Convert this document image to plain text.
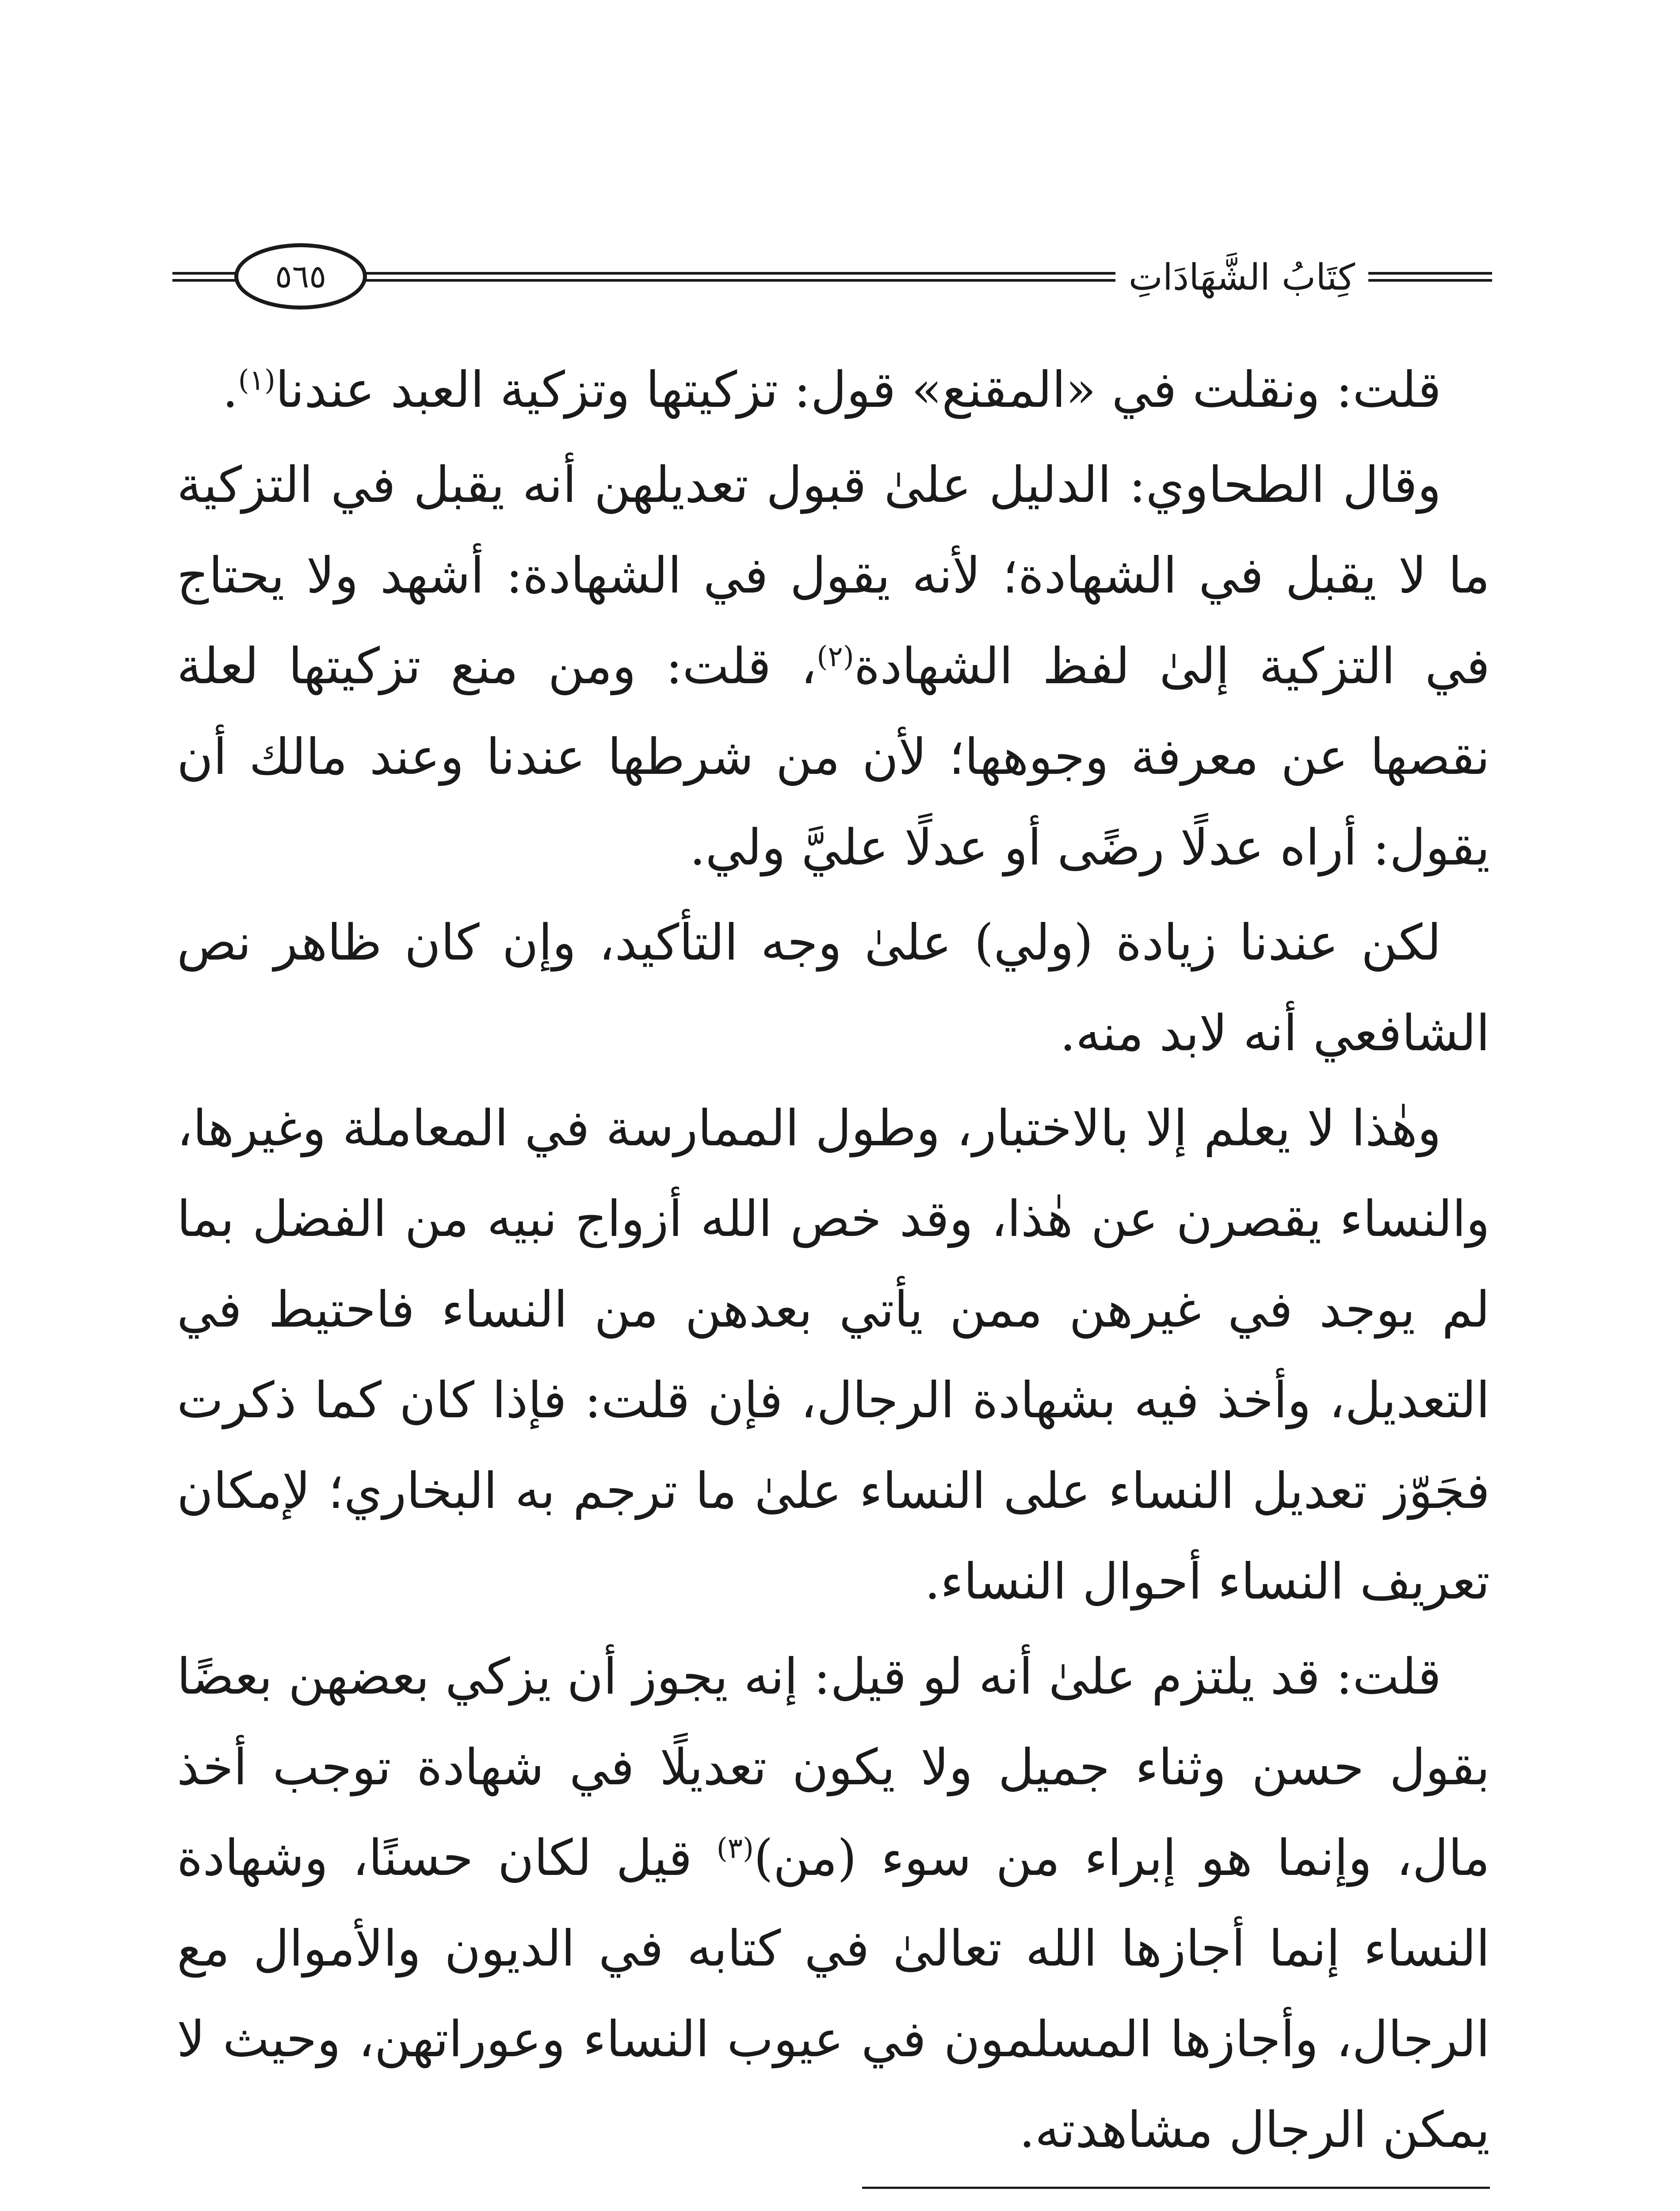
٥٦٥	كِتَابُ الشَّهَادَاتِ

قلت: ونقلت في «المقنع» قول: تزكيتها وتزكية العبد عندنا$^{(١)}$.

وقال الطحاوي: الدليل علىٰ قبول تعديلهن أنه يقبل في التزكية ما لا يقبل في الشهادة؛ لأنه يقول في الشهادة: أشهد ولا يحتاج في التزكية إلىٰ لفظ الشهادة$^{(٢)}$، قلت: ومن منع تزكيتها لعلة نقصها عن معرفة وجوهها؛ لأن من شرطها عندنا وعند مالك أن يقول: أراه عدلًا رضًى أو عدلًا عليَّ ولي.

لكن عندنا زيادة (ولي) علىٰ وجه التأكيد، وإن كان ظاهر نص الشافعي أنه لابد منه.

وهٰذا لا يعلم إلا بالاختبار، وطول الممارسة في المعاملة وغيرها، والنساء يقصرن عن هٰذا، وقد خص الله أزواج نبيه من الفضل بما لم يوجد في غيرهن ممن يأتي بعدهن من النساء فاحتيط في التعديل، وأخذ فيه بشهادة الرجال، فإن قلت: فإذا كان كما ذكرت فجَوّز تعديل النساء على النساء علىٰ ما ترجم به البخاري؛ لإمكان تعريف النساء أحوال النساء.

قلت: قد يلتزم علىٰ أنه لو قيل: إنه يجوز أن يزكي بعضهن بعضًا بقول حسن وثناء جميل ولا يكون تعديلًا في شهادة توجب أخذ مال، وإنما هو إبراء من سوء (من)$^{(٣)}$ قيل لكان حسنًا، وشهادة النساء إنما أجازها الله تعالىٰ في كتابه في الديون والأموال مع الرجال، وأجازها المسلمون في عيوب النساء وعوراتهن، وحيث لا يمكن الرجال مشاهدته.
